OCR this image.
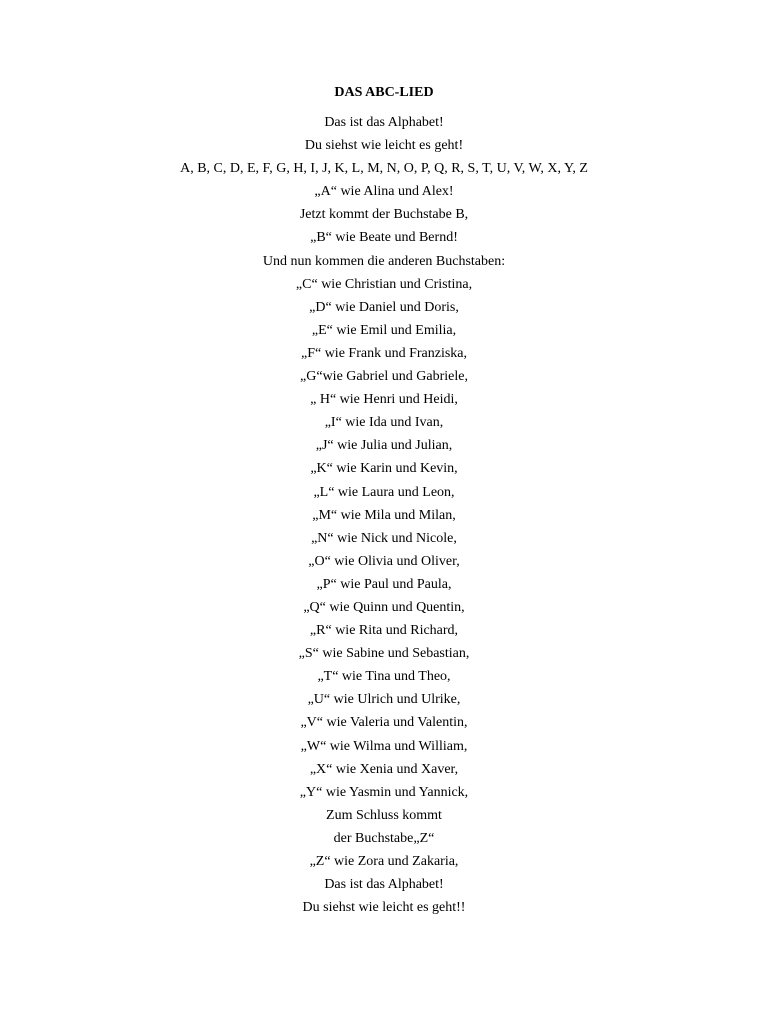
DAS ABC-LIED
Das ist das Alphabet!
Du siehst wie leicht es geht!
A, B, C, D, E, F, G, H, I, J, K, L, M, N, O, P, Q, R, S, T, U, V, W, X, Y, Z
„A“ wie Alina und Alex!
Jetzt kommt der Buchstabe B,
„B“ wie Beate und Bernd!
Und nun kommen die anderen Buchstaben:
„C“ wie Christian und Cristina,
„D“ wie Daniel und Doris,
„E“ wie Emil und Emilia,
„F“ wie Frank und Franziska,
„G“wie Gabriel und Gabriele,
„ H“ wie Henri und Heidi,
„I“ wie Ida und Ivan,
„J“ wie Julia und Julian,
„K“ wie Karin und Kevin,
„L“ wie Laura und Leon,
„M“ wie Mila und Milan,
„N“ wie Nick und Nicole,
„O“ wie Olivia und Oliver,
„P“ wie Paul und Paula,
„Q“ wie Quinn und Quentin,
„R“ wie Rita und Richard,
„S“ wie Sabine und Sebastian,
„T“ wie Tina und Theo,
„U“ wie Ulrich und Ulrike,
„V“ wie Valeria und Valentin,
„W“ wie Wilma und William,
„X“ wie Xenia und Xaver,
„Y“ wie Yasmin und Yannick,
Zum Schluss kommt
der Buchstabe„Z“
„Z“ wie Zora und Zakaria,
Das ist das Alphabet!
Du siehst wie leicht es geht!!
